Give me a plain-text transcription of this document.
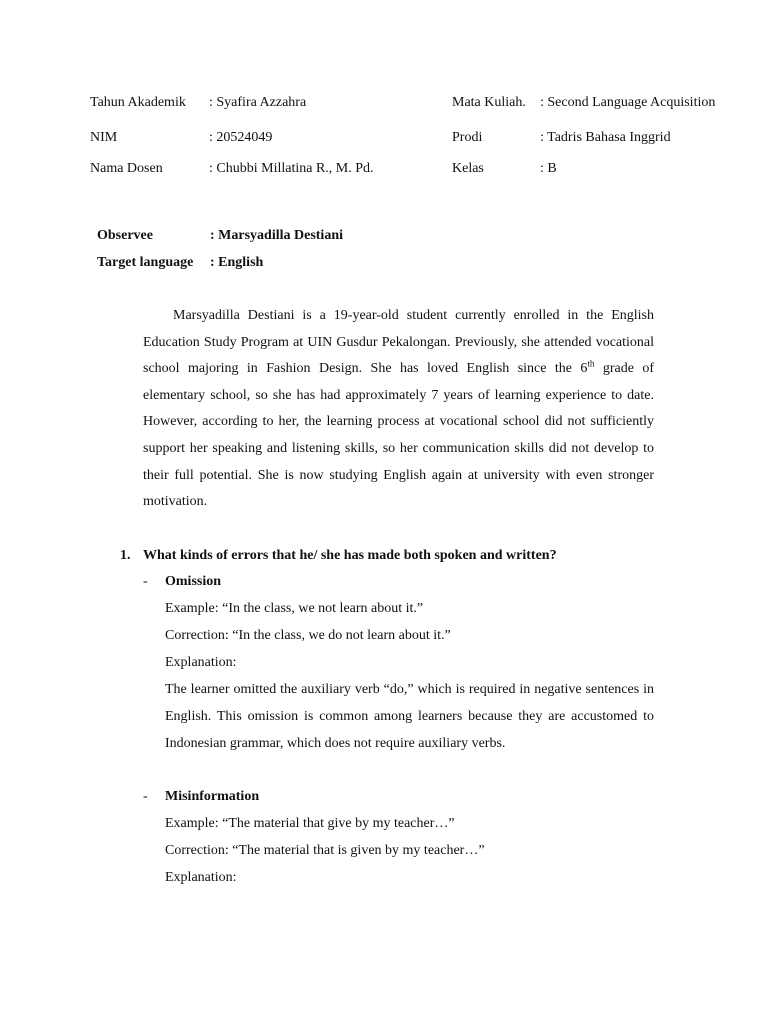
Tahun Akademik : Syafira Azzahra	Mata Kuliah. : Second Language Acquisition
NIM	: 20524049	Prodi	: Tadris Bahasa Inggrid
Nama Dosen	: Chubbi Millatina R., M. Pd.	Kelas	: B
Observee	: Marsyadilla Destiani
Target language : English

Marsyadilla Destiani is a 19-year-old student currently enrolled in the English Education Study Program at UIN Gusdur Pekalongan. Previously, she attended vocational school majoring in Fashion Design. She has loved English since the 6th grade of elementary school, so she has had approximately 7 years of learning experience to date. However, according to her, the learning process at vocational school did not sufficiently support her speaking and listening skills, so her communication skills did not develop to their full potential. She is now studying English again at university with even stronger motivation.

1. What kinds of errors that he/ she has made both spoken and written?
- Omission
Example: “In the class, we not learn about it.”
Correction: “In the class, we do not learn about it.”
Explanation:

The learner omitted the auxiliary verb “do,” which is required in negative sentences in English. This omission is common among learners because they are accustomed to Indonesian grammar, which does not require auxiliary verbs.

- Misinformation
Example: “The material that give by my teacher…”
Correction: “The material that is given by my teacher…”
Explanation:
